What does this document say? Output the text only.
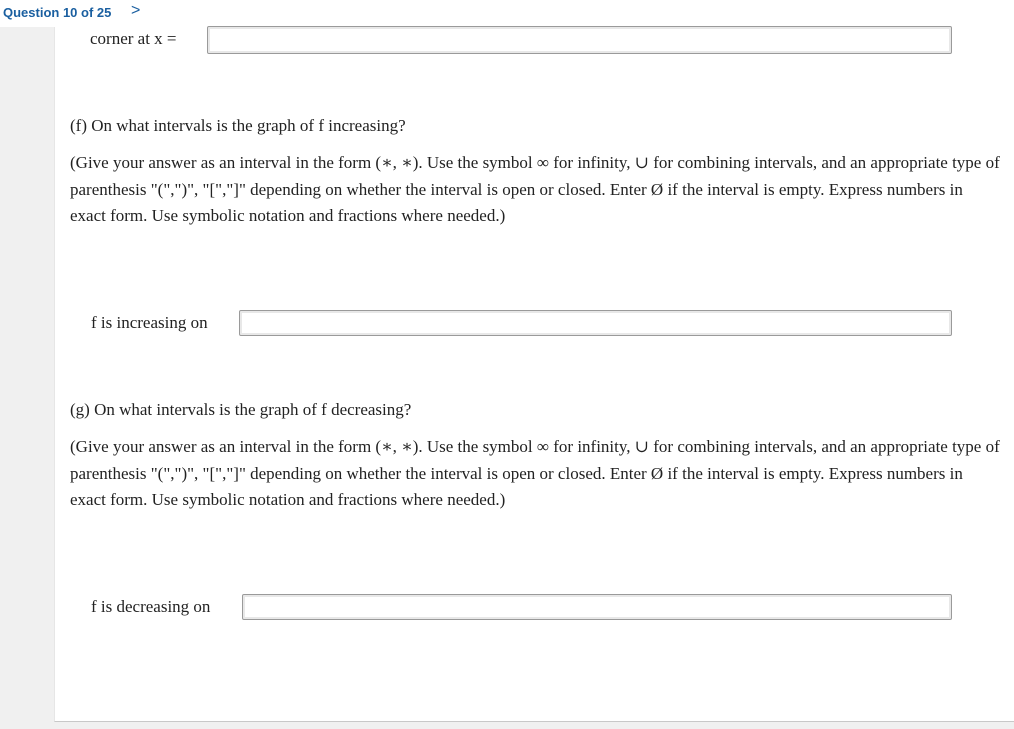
Question 10 of 25 >
corner at x =
(f) On what intervals is the graph of f increasing?
(Give your answer as an interval in the form (∗, ∗). Use the symbol ∞ for infinity, ∪ for combining intervals, and an appropriate type of parenthesis "(",")", "[","]" depending on whether the interval is open or closed. Enter Ø if the interval is empty. Express numbers in exact form. Use symbolic notation and fractions where needed.)
f is increasing on
(g) On what intervals is the graph of f decreasing?
(Give your answer as an interval in the form (∗, ∗). Use the symbol ∞ for infinity, ∪ for combining intervals, and an appropriate type of parenthesis "(",")", "[","]" depending on whether the interval is open or closed. Enter Ø if the interval is empty. Express numbers in exact form. Use symbolic notation and fractions where needed.)
f is decreasing on
